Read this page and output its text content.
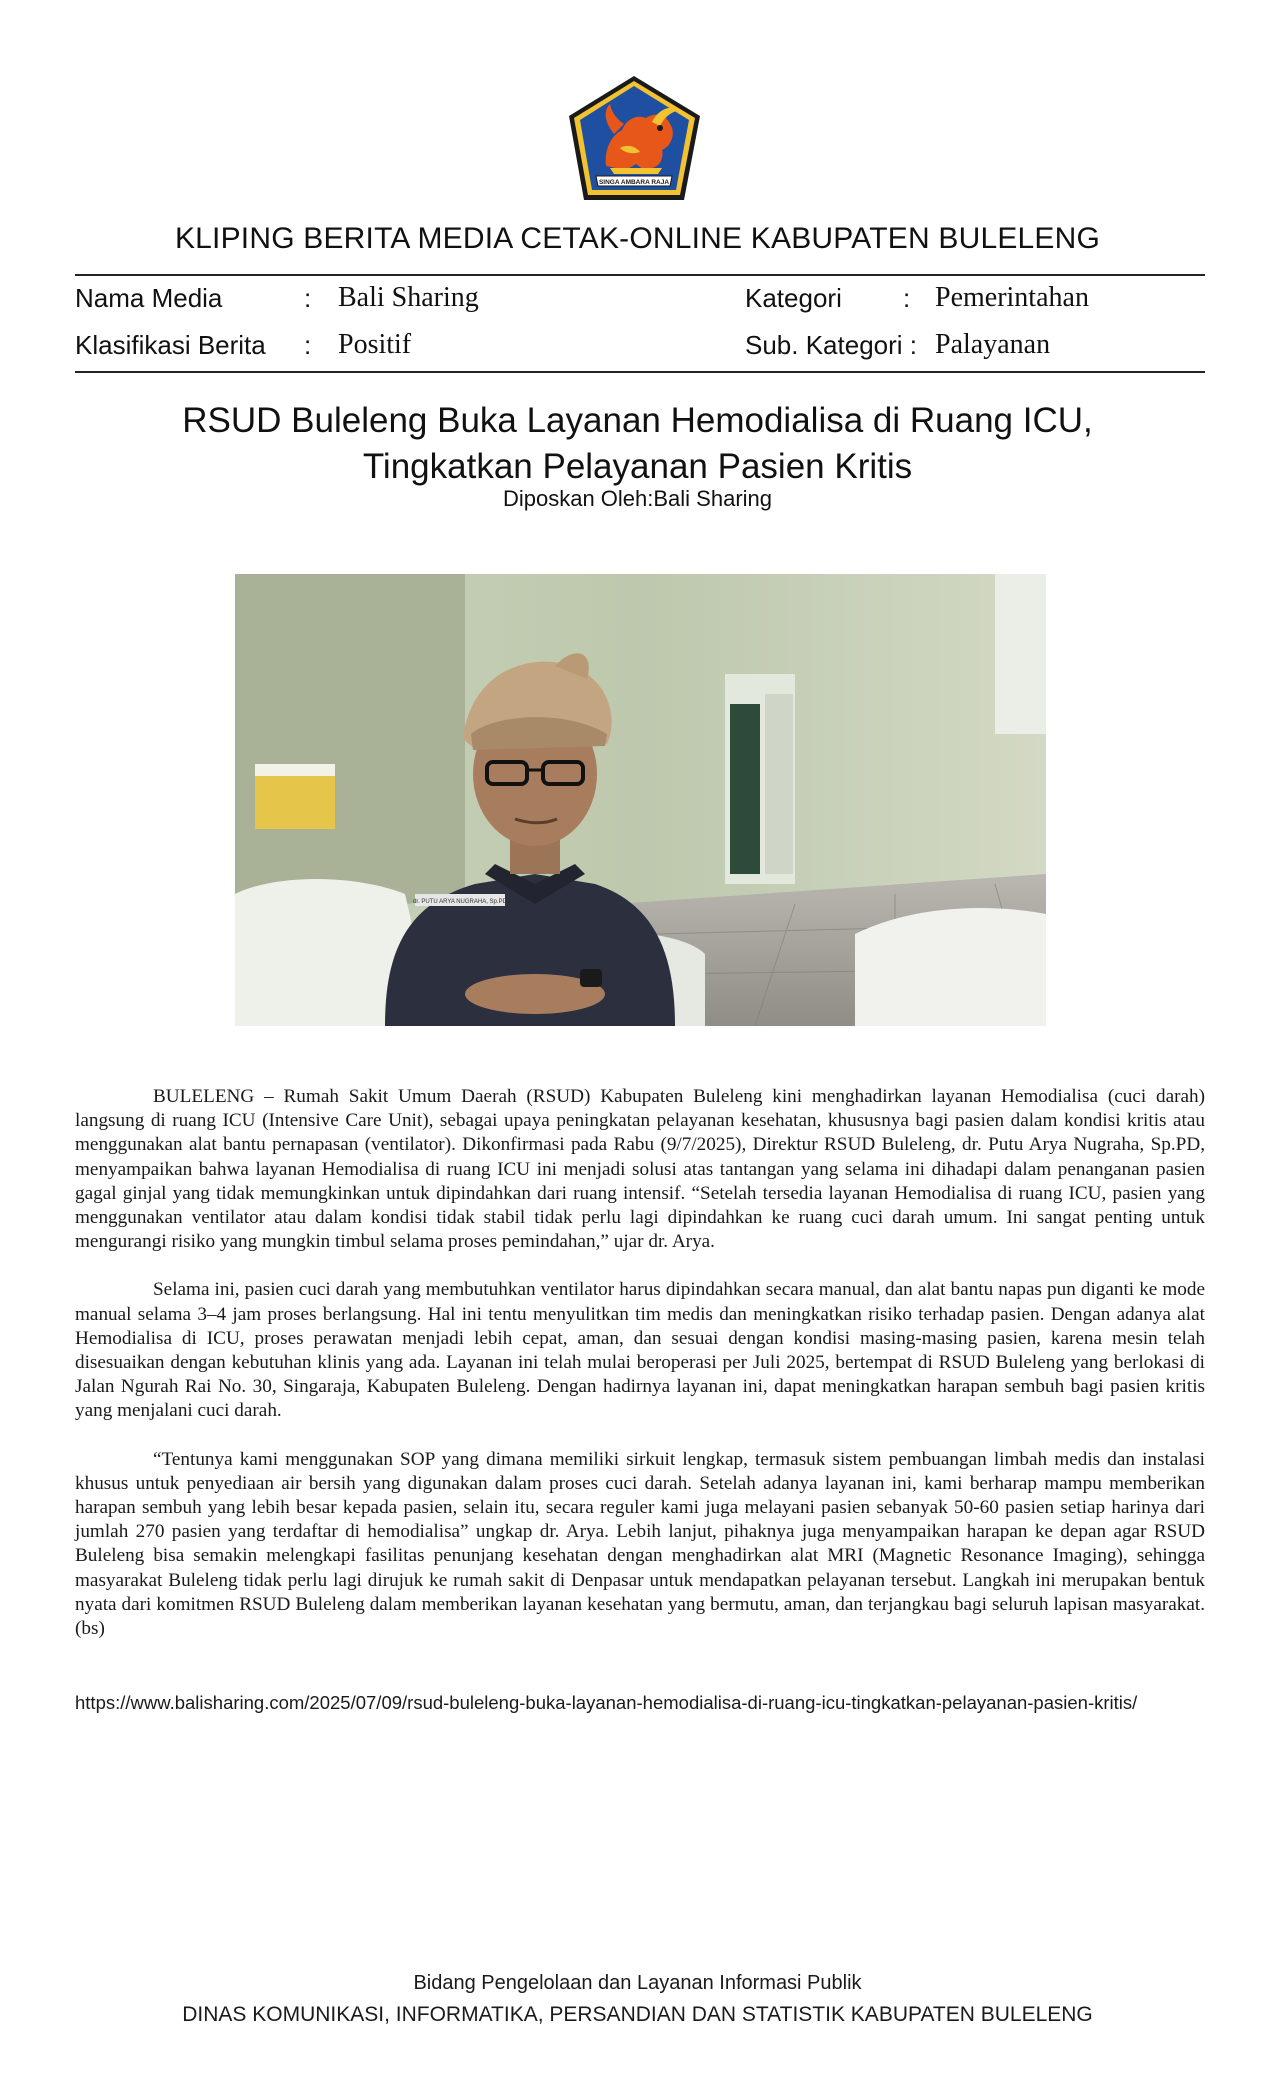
SINGA AMBARA RAJA
KLIPING BERITA MEDIA CETAK-ONLINE KABUPATEN BULELENG
Nama Media	: Bali Sharing	Kategori : Pemerintahan
Klasifikasi Berita : Positif	Sub. Kategori : Palayanan
RSUD Buleleng Buka Layanan Hemodialisa di Ruang ICU,
Tingkatkan Pelayanan Pasien Kritis
Diposkan Oleh:Bali Sharing
dr. PUTU ARYA NUGRAHA, Sp.PD

BULELENG – Rumah Sakit Umum Daerah (RSUD) Kabupaten Buleleng kini menghadirkan layanan Hemodialisa (cuci darah) langsung di ruang ICU (Intensive Care Unit), sebagai upaya peningkatan pelayanan kesehatan, khususnya bagi pasien dalam kondisi kritis atau menggunakan alat bantu pernapasan (ventilator). Dikonfirmasi pada Rabu (9/7/2025), Direktur RSUD Buleleng, dr. Putu Arya Nugraha, Sp.PD, menyampaikan bahwa layanan Hemodialisa di ruang ICU ini menjadi solusi atas tantangan yang selama ini dihadapi dalam penanganan pasien gagal ginjal yang tidak memungkinkan untuk dipindahkan dari ruang intensif. “Setelah tersedia layanan Hemodialisa di ruang ICU, pasien yang menggunakan ventilator atau dalam kondisi tidak stabil tidak perlu lagi dipindahkan ke ruang cuci darah umum. Ini sangat penting untuk mengurangi risiko yang mungkin timbul selama proses pemindahan,” ujar dr. Arya.

Selama ini, pasien cuci darah yang membutuhkan ventilator harus dipindahkan secara manual, dan alat bantu napas pun diganti ke mode manual selama 3–4 jam proses berlangsung. Hal ini tentu menyulitkan tim medis dan meningkatkan risiko terhadap pasien. Dengan adanya alat Hemodialisa di ICU, proses perawatan menjadi lebih cepat, aman, dan sesuai dengan kondisi masing-masing pasien, karena mesin telah disesuaikan dengan kebutuhan klinis yang ada. Layanan ini telah mulai beroperasi per Juli 2025, bertempat di RSUD Buleleng yang berlokasi di Jalan Ngurah Rai No. 30, Singaraja, Kabupaten Buleleng. Dengan hadirnya layanan ini, dapat meningkatkan harapan sembuh bagi pasien kritis yang menjalani cuci darah.

“Tentunya kami menggunakan SOP yang dimana memiliki sirkuit lengkap, termasuk sistem pembuangan limbah medis dan instalasi khusus untuk penyediaan air bersih yang digunakan dalam proses cuci darah. Setelah adanya layanan ini, kami berharap mampu memberikan harapan sembuh yang lebih besar kepada pasien, selain itu, secara reguler kami juga melayani pasien sebanyak 50-60 pasien setiap harinya dari jumlah 270 pasien yang terdaftar di hemodialisa” ungkap dr. Arya. Lebih lanjut, pihaknya juga menyampaikan harapan ke depan agar RSUD Buleleng bisa semakin melengkapi fasilitas penunjang kesehatan dengan menghadirkan alat MRI (Magnetic Resonance Imaging), sehingga masyarakat Buleleng tidak perlu lagi dirujuk ke rumah sakit di Denpasar untuk mendapatkan pelayanan tersebut. Langkah ini merupakan bentuk nyata dari komitmen RSUD Buleleng dalam memberikan layanan kesehatan yang bermutu, aman, dan terjangkau bagi seluruh lapisan masyarakat. (bs)

https://www.balisharing.com/2025/07/09/rsud-buleleng-buka-layanan-hemodialisa-di-ruang-icu-tingkatkan-pelayanan-pasien-kritis/
Bidang Pengelolaan dan Layanan Informasi Publik
DINAS KOMUNIKASI, INFORMATIKA, PERSANDIAN DAN STATISTIK KABUPATEN BULELENG
